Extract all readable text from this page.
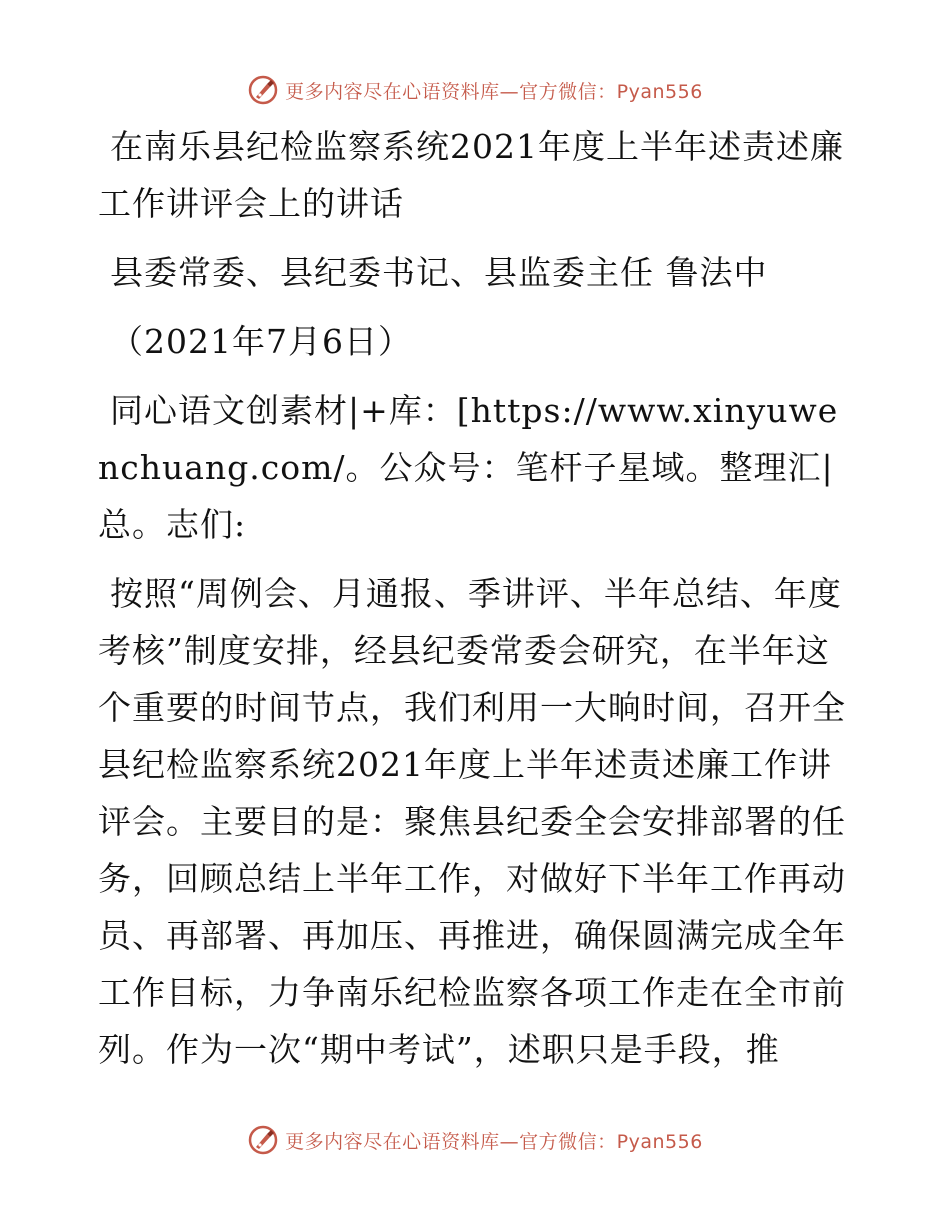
更多内容尽在心语资料库—官方微信：Pyan556

在南乐县纪检监察系统2021年度上半年述责述廉工作讲评会上的讲话

县委常委、县纪委书记、县监委主任 鲁法中

（2021年7月6日）

同心语文创素材|+库：[https://www.xinyuwenchuang.com/。公众号：笔杆子星域。整理汇|总。志们:

按照“周例会、月通报、季讲评、半年总结、年度考核”制度安排，经县纪委常委会研究，在半年这个重要的时间节点，我们利用一大晌时间，召开全县纪检监察系统2021年度上半年述责述廉工作讲评会。主要目的是：聚焦县纪委全会安排部署的任务，回顾总结上半年工作，对做好下半年工作再动员、再部署、再加压、再推进，确保圆满完成全年工作目标，力争南乐纪检监察各项工作走在全市前列。作为一次“期中考试”，述职只是手段，推

更多内容尽在心语资料库—官方微信：Pyan556
